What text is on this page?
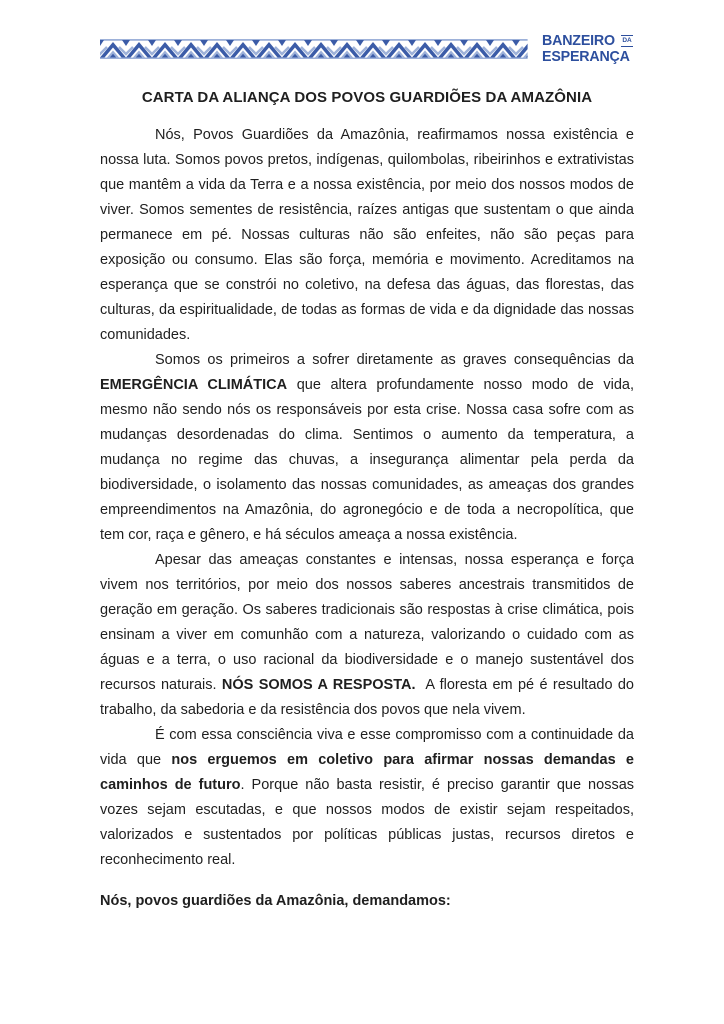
BANZEIRO DA
ESPERANÇA
CARTA DA ALIANÇA DOS POVOS GUARDIÕES DA AMAZÔNIA

Nós, Povos Guardiões da Amazônia, reafirmamos nossa existência e nossa luta. Somos povos pretos, indígenas, quilombolas, ribeirinhos e extrativistas que mantêm a vida da Terra e a nossa existência, por meio dos nossos modos de viver. Somos sementes de resistência, raízes antigas que sustentam o que ainda permanece em pé. Nossas culturas não são enfeites, não são peças para exposição ou consumo. Elas são força, memória e movimento. Acreditamos na esperança que se constrói no coletivo, na defesa das águas, das florestas, das culturas, da espiritualidade, de todas as formas de vida e da dignidade das nossas comunidades.

Somos os primeiros a sofrer diretamente as graves consequências da EMERGÊNCIA CLIMÁTICA que altera profundamente nosso modo de vida, mesmo não sendo nós os responsáveis por esta crise. Nossa casa sofre com as mudanças desordenadas do clima. Sentimos o aumento da temperatura, a mudança no regime das chuvas, a insegurança alimentar pela perda da biodiversidade, o isolamento das nossas comunidades, as ameaças dos grandes empreendimentos na Amazônia, do agronegócio e de toda a necropolítica, que tem cor, raça e gênero, e há séculos ameaça a nossa existência.

Apesar das ameaças constantes e intensas, nossa esperança e força vivem nos territórios, por meio dos nossos saberes ancestrais transmitidos de geração em geração. Os saberes tradicionais são respostas à crise climática, pois ensinam a viver em comunhão com a natureza, valorizando o cuidado com as águas e a terra, o uso racional da biodiversidade e o manejo sustentável dos recursos naturais. NÓS SOMOS A RESPOSTA.  A floresta em pé é resultado do trabalho, da sabedoria e da resistência dos povos que nela vivem.

É com essa consciência viva e esse compromisso com a continuidade da vida que nos erguemos em coletivo para afirmar nossas demandas e caminhos de futuro. Porque não basta resistir, é preciso garantir que nossas vozes sejam escutadas, e que nossos modos de existir sejam respeitados, valorizados e sustentados por políticas públicas justas, recursos diretos e reconhecimento real.

Nós, povos guardiões da Amazônia, demandamos:
